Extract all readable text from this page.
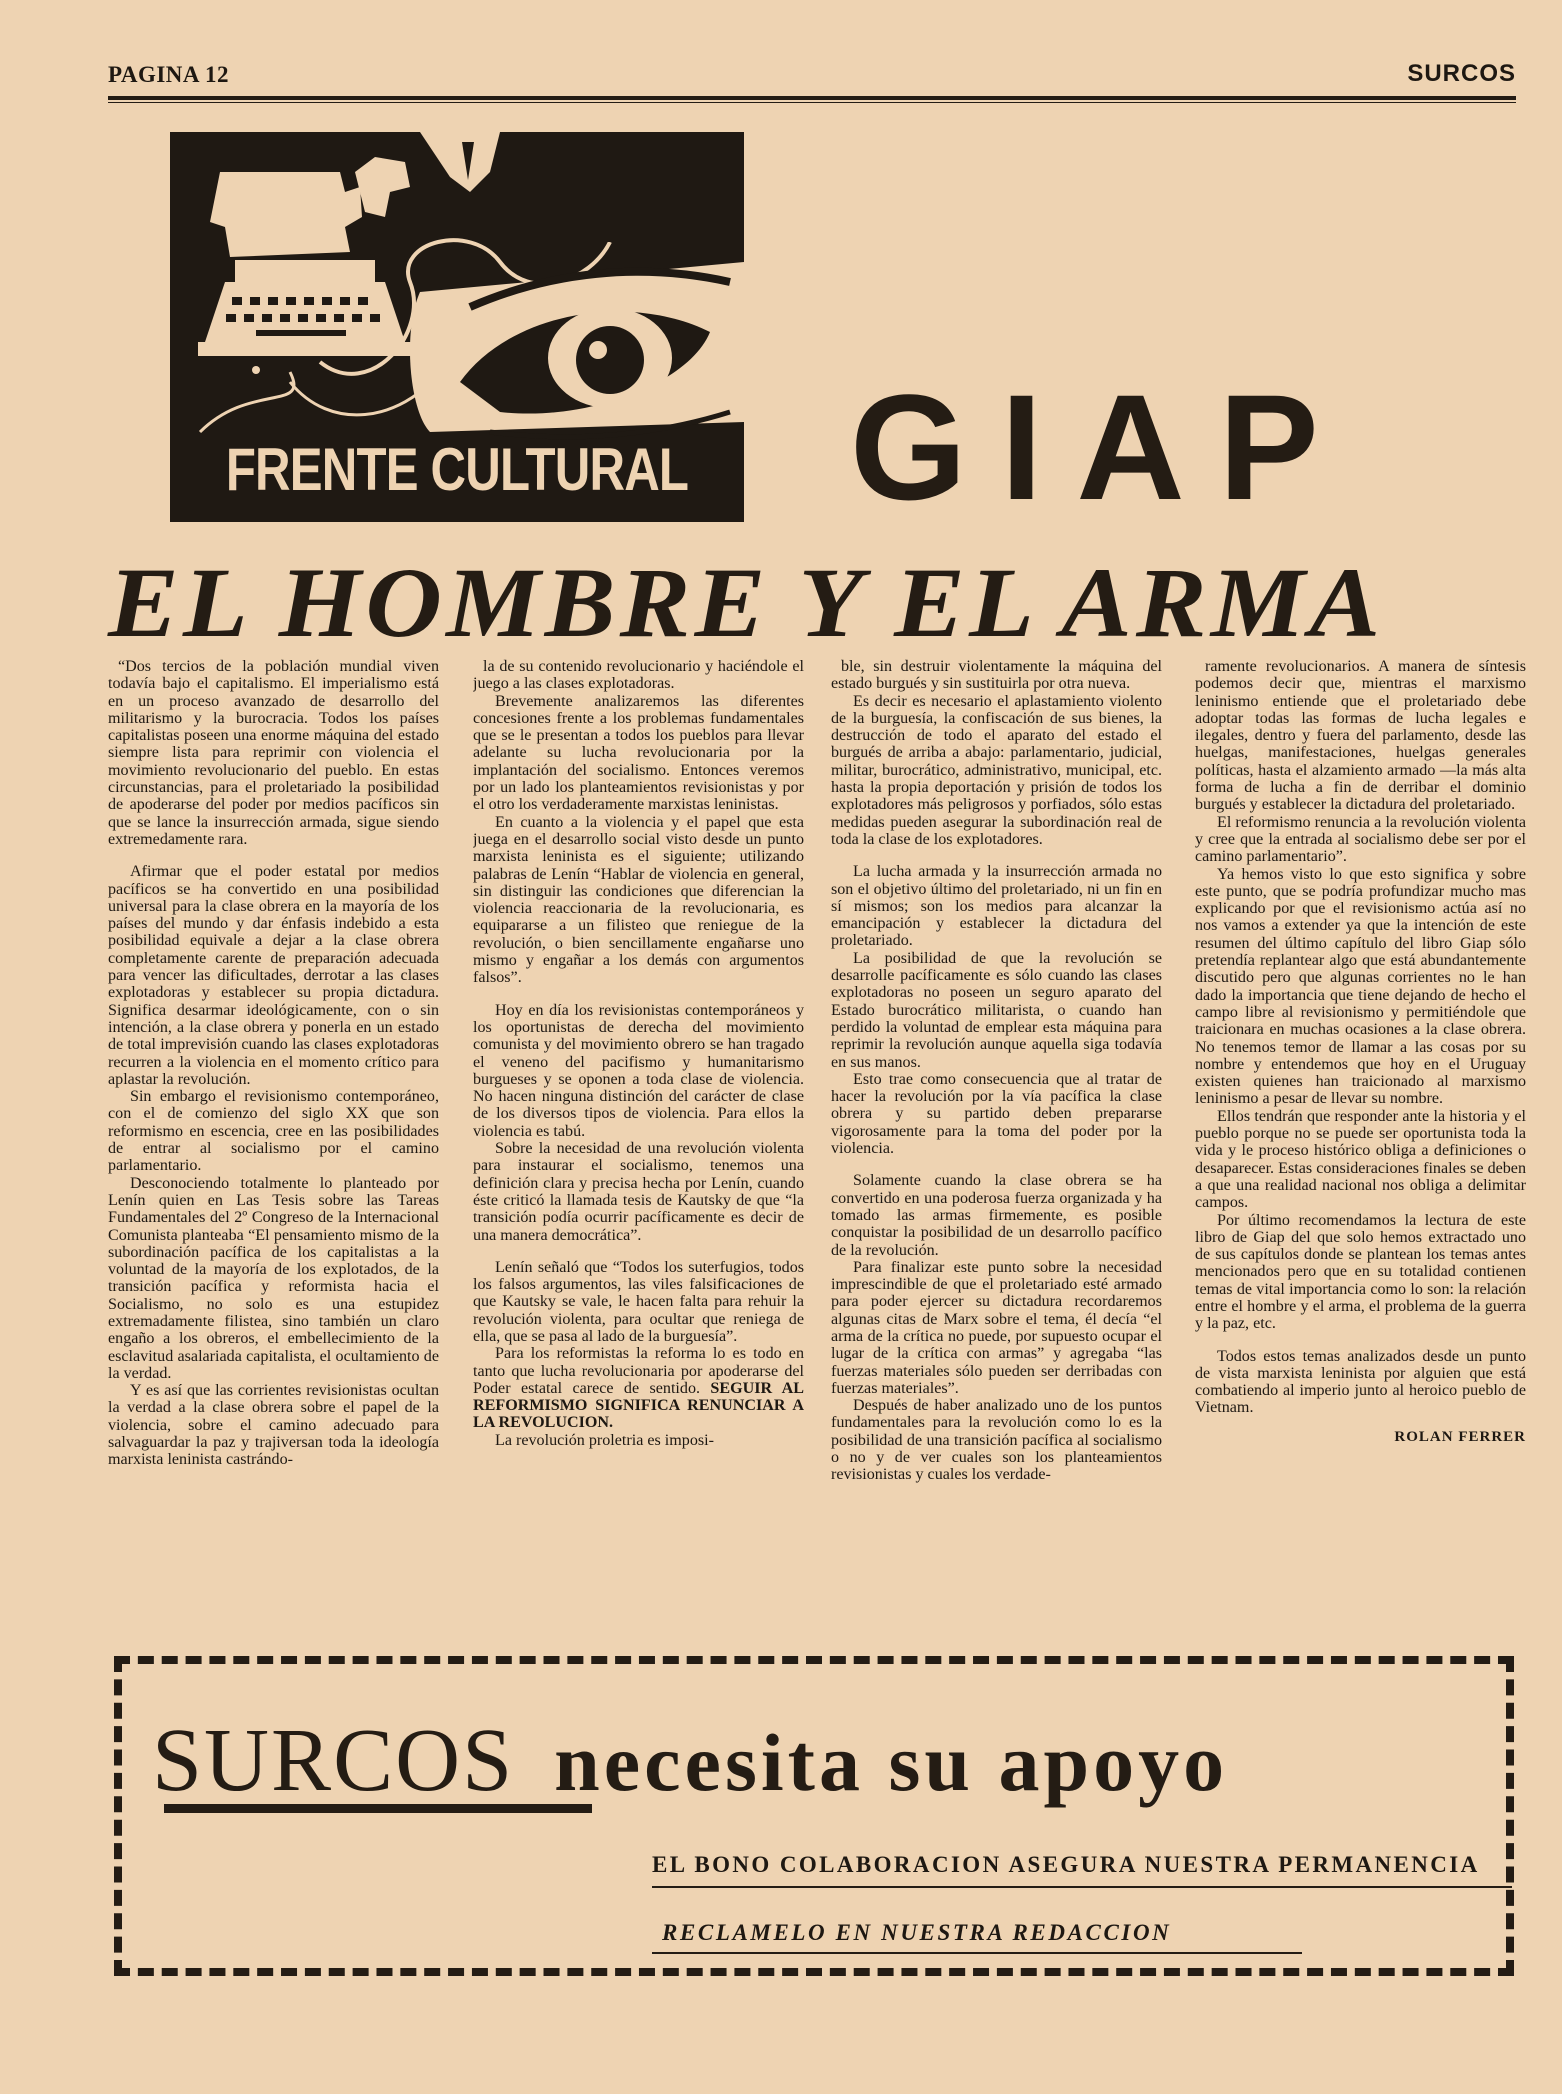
PAGINA 12	SURCOS
FRENTE CULTURAL GIAP
EL HOMBRE Y EL ARMA

“Dos tercios de la población mundial viven todavía bajo el capitalismo. El imperialismo está en un proceso avanzado de desarrollo del militarismo y la burocracia. Todos los países capitalistas poseen una enorme máquina del estado siempre lista para reprimir con violencia el movimiento revolucionario del pueblo. En estas circunstancias, para el proletariado la posibilidad de apoderarse del poder por medios pacíficos sin que se lance la insurrección armada, sigue siendo extremedamente rara.

Afirmar que el poder estatal por medios pacíficos se ha convertido en una posibilidad universal para la clase obrera en la mayoría de los países del mundo y dar énfasis indebido a esta posibilidad equivale a dejar a la clase obrera completamente carente de preparación adecuada para vencer las dificultades, derrotar a las clases explotadoras y establecer su propia dictadura. Significa desarmar ideológicamente, con o sin intención, a la clase obrera y ponerla en un estado de total imprevisión cuando las clases explotadoras recurren a la violencia en el momento crítico para aplastar la revolución.

Sin embargo el revisionismo contemporáneo, con el de comienzo del siglo XX que son reformismo en escencia, cree en las posibilidades de entrar al socialismo por el camino parlamentario.

Desconociendo totalmente lo planteado por Lenín quien en Las Tesis sobre las Tareas Fundamentales del 2º Congreso de la Internacional Comunista planteaba “El pensamiento mismo de la subordinación pacífica de los capitalistas a la voluntad de la mayoría de los explotados, de la transición pacífica y reformista hacia el Socialismo, no solo es una estupidez extremadamente filistea, sino también un claro engaño a los obreros, el embellecimiento de la esclavitud asalariada capitalista, el ocultamiento de la verdad.

Y es así que las corrientes revisionistas ocultan la verdad a la clase obrera sobre el papel de la violencia, sobre el camino adecuado para salvaguardar la paz y trajiversan toda la ideología marxista leninista castrándo-

la de su contenido revolucionario y haciéndole el juego a las clases explotadoras.

Brevemente analizaremos las diferentes concesiones frente a los problemas fundamentales que se le presentan a todos los pueblos para llevar adelante su lucha revolucionaria por la implantación del socialismo. Entonces veremos por un lado los planteamientos revisionistas y por el otro los verdaderamente marxistas leninistas.

En cuanto a la violencia y el papel que esta juega en el desarrollo social visto desde un punto marxista leninista es el siguiente; utilizando palabras de Lenín “Hablar de violencia en general, sin distinguir las condiciones que diferencian la violencia reaccionaria de la revolucionaria, es equipararse a un filisteo que reniegue de la revolución, o bien sencillamente engañarse uno mismo y engañar a los demás con argumentos falsos”.

Hoy en día los revisionistas contemporáneos y los oportunistas de derecha del movimiento comunista y del movimiento obrero se han tragado el veneno del pacifismo y humanitarismo burgueses y se oponen a toda clase de violencia. No hacen ninguna distinción del carácter de clase de los diversos tipos de violencia. Para ellos la violencia es tabú.

Sobre la necesidad de una revolución violenta para instaurar el socialismo, tenemos una definición clara y precisa hecha por Lenín, cuando éste criticó la llamada tesis de Kautsky de que “la transición podía ocurrir pacíficamente es decir de una manera democrática”.

Lenín señaló que “Todos los suterfugios, todos los falsos argumentos, las viles falsificaciones de que Kautsky se vale, le hacen falta para rehuir la revolución violenta, para ocultar que reniega de ella, que se pasa al lado de la burguesía”.

Para los reformistas la reforma lo es todo en tanto que lucha revolucionaria por apoderarse del Poder estatal carece de sentido. SEGUIR AL REFORMISMO SIGNIFICA RENUNCIAR A LA REVOLUCION.

La revolución proletria es imposi-

ble, sin destruir violentamente la máquina del estado burgués y sin sustituirla por otra nueva.

Es decir es necesario el aplastamiento violento de la burguesía, la confiscación de sus bienes, la destrucción de todo el aparato del estado el burgués de arriba a abajo: parlamentario, judicial, militar, burocrático, administrativo, municipal, etc. hasta la propia deportación y prisión de todos los explotadores más peligrosos y porfiados, sólo estas medidas pueden asegurar la subordinación real de toda la clase de los explotadores.

La lucha armada y la insurrección armada no son el objetivo último del proletariado, ni un fin en sí mismos; son los medios para alcanzar la emancipación y establecer la dictadura del proletariado.

La posibilidad de que la revolución se desarrolle pacíficamente es sólo cuando las clases explotadoras no poseen un seguro aparato del Estado burocrático militarista, o cuando han perdido la voluntad de emplear esta máquina para reprimir la revolución aunque aquella siga todavía en sus manos.

Esto trae como consecuencia que al tratar de hacer la revolución por la vía pacífica la clase obrera y su partido deben prepararse vigorosamente para la toma del poder por la violencia.

Solamente cuando la clase obrera se ha convertido en una poderosa fuerza organizada y ha tomado las armas firmemente, es posible conquistar la posibilidad de un desarrollo pacífico de la revolución.

Para finalizar este punto sobre la necesidad imprescindible de que el proletariado esté armado para poder ejercer su dictadura recordaremos algunas citas de Marx sobre el tema, él decía “el arma de la crítica no puede, por supuesto ocupar el lugar de la crítica con armas” y agregaba “las fuerzas materiales sólo pueden ser derribadas con fuerzas materiales”.

Después de haber analizado uno de los puntos fundamentales para la revolución como lo es la posibilidad de una transición pacífica al socialismo o no y de ver cuales son los planteamientos revisionistas y cuales los verdade-

ramente revolucionarios. A manera de síntesis podemos decir que, mientras el marxismo leninismo entiende que el proletariado debe adoptar todas las formas de lucha legales e ilegales, dentro y fuera del parlamento, desde las huelgas, manifestaciones, huelgas generales políticas, hasta el alzamiento armado —la más alta forma de lucha a fin de derribar el dominio burgués y establecer la dictadura del proletariado.

El reformismo renuncia a la revolución violenta y cree que la entrada al socialismo debe ser por el camino parlamentario”.

Ya hemos visto lo que esto significa y sobre este punto, que se podría profundizar mucho mas explicando por que el revisionismo actúa así no nos vamos a extender ya que la intención de este resumen del último capítulo del libro Giap sólo pretendía replantear algo que está abundantemente discutido pero que algunas corrientes no le han dado la importancia que tiene dejando de hecho el campo libre al revisionismo y permitiéndole que traicionara en muchas ocasiones a la clase obrera. No tenemos temor de llamar a las cosas por su nombre y entendemos que hoy en el Uruguay existen quienes han traicionado al marxismo leninismo a pesar de llevar su nombre.

Ellos tendrán que responder ante la historia y el pueblo porque no se puede ser oportunista toda la vida y le proceso histórico obliga a definiciones o desaparecer. Estas consideraciones finales se deben a que una realidad nacional nos obliga a delimitar campos.

Por último recomendamos la lectura de este libro de Giap del que solo hemos extractado uno de sus capítulos donde se plantean los temas antes mencionados pero que en su totalidad contienen temas de vital importancia como lo son: la relación entre el hombre y el arma, el problema de la guerra y la paz, etc.

Todos estos temas analizados desde un punto de vista marxista leninista por alguien que está combatiendo al imperio junto al heroico pueblo de Vietnam.

ROLAN FERRER
SURCOS necesita su apoyo
EL BONO COLABORACION ASEGURA NUESTRA PERMANENCIA
RECLAMELO EN NUESTRA REDACCION
